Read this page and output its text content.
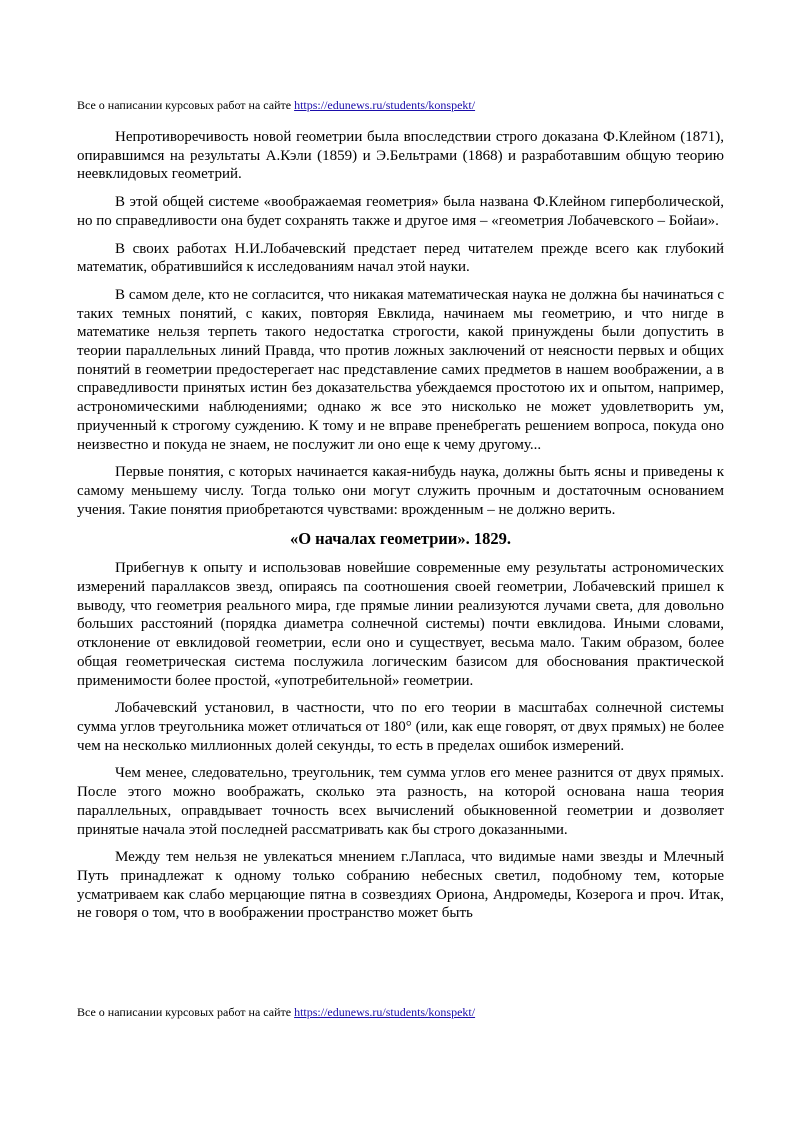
Все о написании курсовых работ на сайте https://edunews.ru/students/konspekt/

Непротиворечивость новой геометрии была впоследствии строго доказана Ф.Клейном (1871), опиравшимся на результаты А.Кэли (1859) и Э.Бельтрами (1868) и разработавшим общую теорию неевклидовых геометрий.

В этой общей системе «воображаемая геометрия» была названа Ф.Клейном гиперболической, но по справедливости она будет сохранять также и другое имя – «геометрия Лобачевского – Бойаи».

В своих работах Н.И.Лобачевский предстает перед читателем прежде всего как глубокий математик, обратившийся к исследованиям начал этой науки.

В самом деле, кто не согласится, что никакая математическая наука не должна бы начинаться с таких темных понятий, с каких, повторяя Евклида, начинаем мы геометрию, и что нигде в математике нельзя терпеть такого недостатка строгости, какой принуждены были допустить в теории параллельных линий Правда, что против ложных заключений от неясности первых и общих понятий в геометрии предостерегает нас представление самих предметов в нашем воображении, а в справедливости принятых истин без доказательства убеждаемся простотою их и опытом, например, астрономическими наблюдениями; однако ж все это нисколько не может удовлетворить ум, приученный к строгому суждению. К тому и не вправе пренебрегать решением вопроса, покуда оно неизвестно и покуда не знаем, не послужит ли оно еще к чему другому...

Первые понятия, с которых начинается какая-нибудь наука, должны быть ясны и приведены к самому меньшему числу. Тогда только они могут служить прочным и достаточным основанием учения. Такие понятия приобретаются чувствами: врожденным – не должно верить.

«О началах геометрии». 1829.

Прибегнув к опыту и использовав новейшие современные ему результаты астрономических измерений параллаксов звезд, опираясь па соотношения своей геометрии, Лобачевский пришел к выводу, что геометрия реального мира, где прямые линии реализуются лучами света, для довольно больших расстояний (порядка диаметра солнечной системы) почти евклидова. Иными словами, отклонение от евклидовой геометрии, если оно и существует, весьма мало. Таким образом, более общая геометрическая система послужила логическим базисом для обоснования практической применимости более простой, «употребительной» геометрии.

Лобачевский установил, в частности, что по его теории в масштабах солнечной системы сумма углов треугольника может отличаться от 180° (или, как еще говорят, от двух прямых) не более чем на несколько миллионных долей секунды, то есть в пределах ошибок измерений.

Чем менее, следовательно, треугольник, тем сумма углов его менее разнится от двух прямых. После этого можно воображать, сколько эта разность, на которой основана наша теория параллельных, оправдывает точность всех вычислений обыкновенной геометрии и дозволяет принятые начала этой последней рассматривать как бы строго доказанными.

Между тем нельзя не увлекаться мнением г.Лапласа, что видимые нами звезды и Млечный Путь принадлежат к одному только собранию небесных светил, подобному тем, которые усматриваем как слабо мерцающие пятна в созвездиях Ориона, Андромеды, Козерога и проч. Итак, не говоря о том, что в воображении пространство может быть

Все о написании курсовых работ на сайте https://edunews.ru/students/konspekt/
